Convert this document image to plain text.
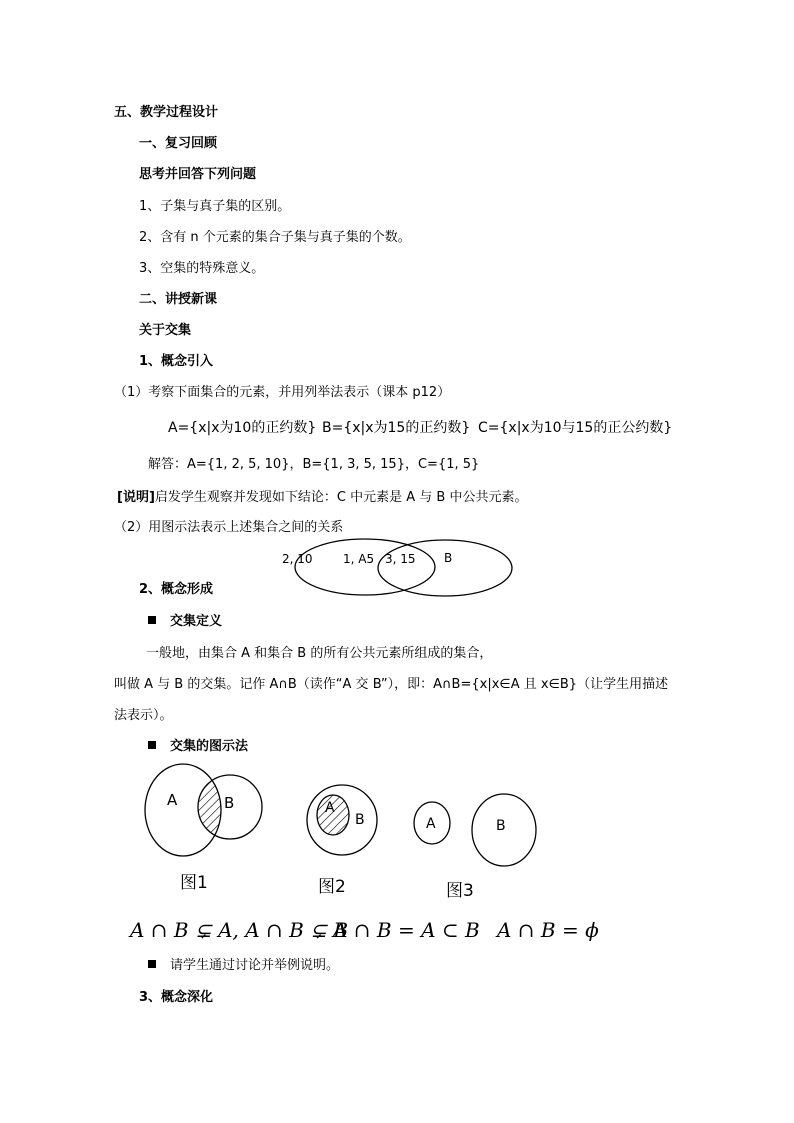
五、教学过程设计
一、复习回顾
思考并回答下列问题
1、子集与真子集的区别。
2、含有 n 个元素的集合子集与真子集的个数。
3、空集的特殊意义。
二、讲授新课
关于交集
1、概念引入
（1）考察下面集合的元素，并用列举法表示（课本 p12）
A={x|x为10的正约数} B={x|x为15的正约数} C={x|x为10与15的正公约数}
解答：A={1, 2, 5, 10}，B={1, 3, 5, 15}，C={1, 5}
[说明]启发学生观察并发现如下结论：C 中元素是 A 与 B 中公共元素。
（2）用图示法表示上述集合之间的关系
2, 10	1, A5 3, 15 B
2、概念形成
交集定义
一般地，由集合 A 和集合 B 的所有公共元素所组成的集合，
叫做 A 与 B 的交集。记作 A∩B（读作“A 交 B”），即：A∩B={x|x∈A 且 x∈B}（让学生用描述
法表示）。
交集的图示法
A	B	A
B	A	B
图1	图2	图3
A ∩ B ⊊ A, A ∩ B ⊊ B
A ∩ B = A ⊂ B A ∩ B = ϕ
请学生通过讨论并举例说明。
3、概念深化
